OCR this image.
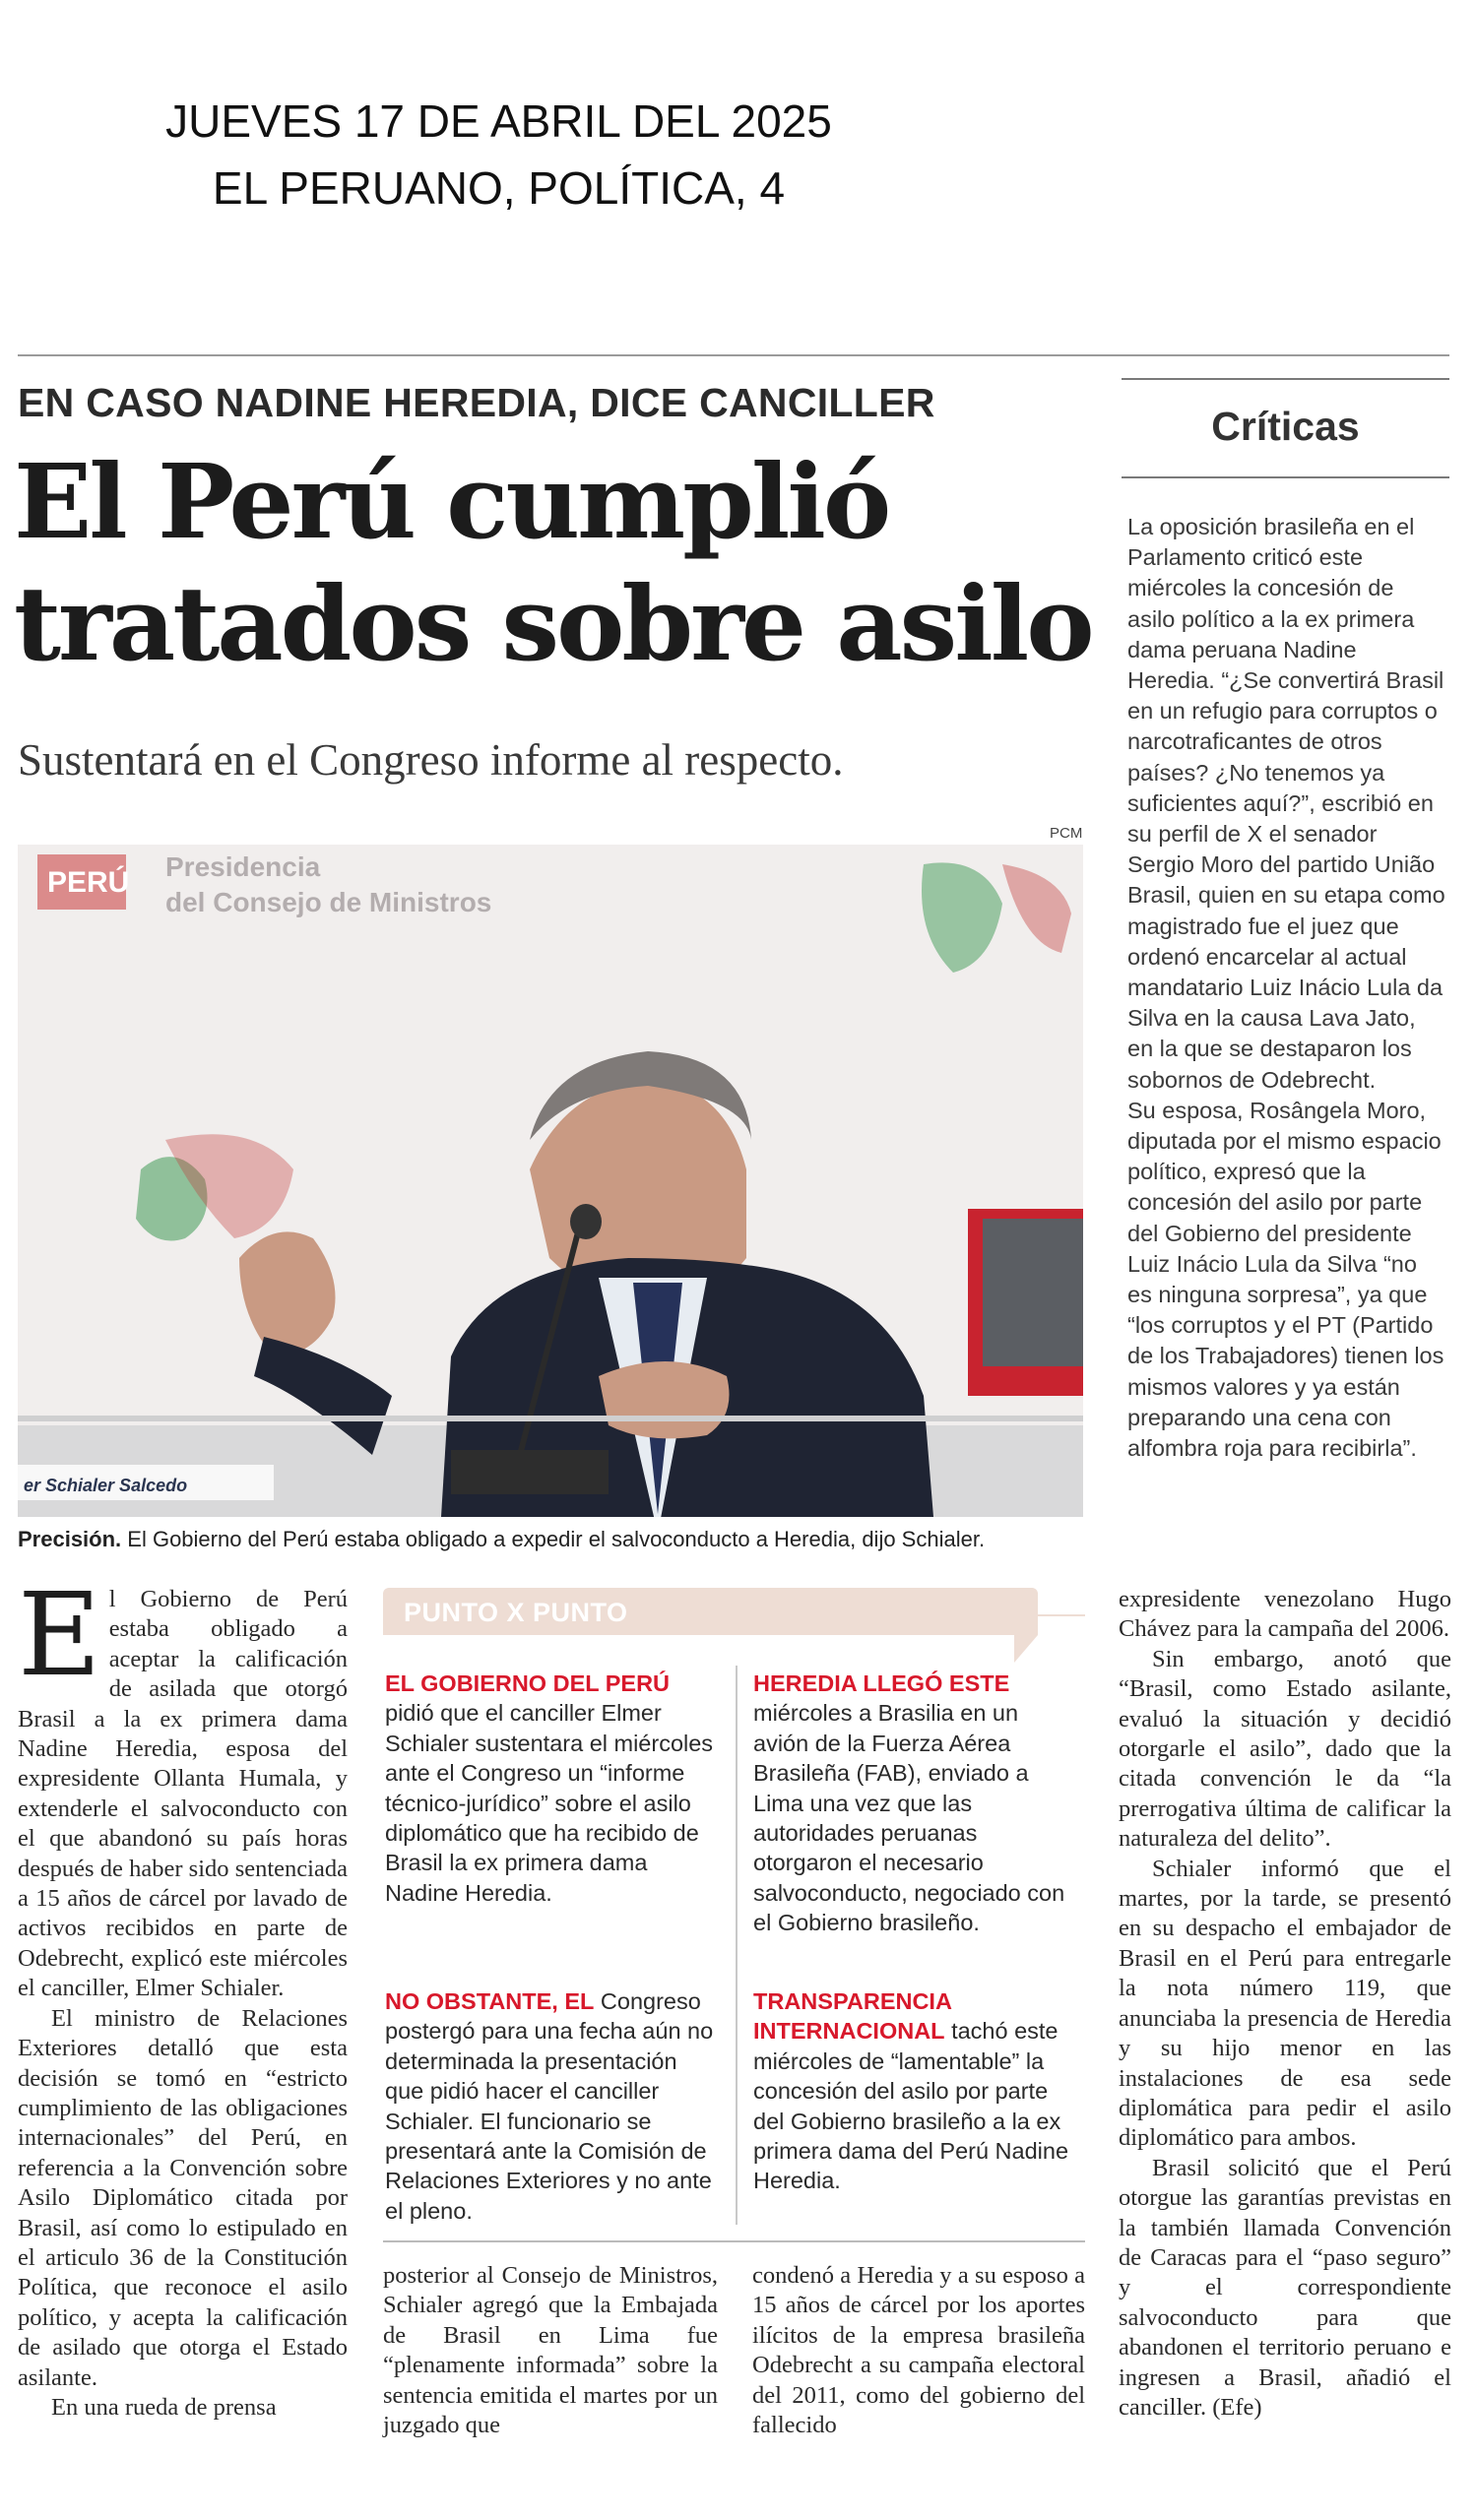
JUEVES 17 DE ABRIL DEL 2025
EL PERUANO, POLÍTICA, 4
EN CASO NADINE HEREDIA, DICE CANCILLER
El Perú cumplió tratados sobre asilo
Sustentará en el Congreso informe al respecto.
PCM
PERÚ Presidencia
del Consejo de Ministros
er Schialer Salcedo
Precisión. El Gobierno del Perú estaba obligado a expedir el salvoconducto a Heredia, dijo Schialer.
Críticas

La oposición brasileña en el Parlamento criticó este miércoles la concesión de asilo político a la ex primera dama peruana Nadine Heredia. “¿Se convertirá Brasil en un refugio para corruptos o narcotraficantes de otros países? ¿No tenemos ya suficientes aquí?”, escribió en su perfil de X el senador Sergio Moro del partido União Brasil, quien en su etapa como magistrado fue el juez que ordenó encarcelar al actual mandatario Luiz Inácio Lula da Silva en la causa Lava Jato, en la que se destaparon los sobornos de Odebrecht.

Su esposa, Rosângela Moro, diputada por el mismo espacio político, expresó que la concesión del asilo por parte del Gobierno del presidente Luiz Inácio Lula da Silva “no es ninguna sorpresa”, ya que “los corruptos y el PT (Partido de los Trabajadores) tienen los mismos valores y ya están preparando una cena con alfombra roja para recibirla”.

El Gobierno de Perú estaba obligado a aceptar la calificación de asilada que otorgó Brasil a la ex primera dama Nadine Heredia, esposa del expresidente Ollanta Humala, y extenderle el salvoconducto con el que abandonó su país horas después de haber sido sentenciada a 15 años de cárcel por lavado de activos recibidos en parte de Odebrecht, explicó este miércoles el canciller, Elmer Schialer.

El ministro de Relaciones Exteriores detalló que esta decisión se tomó en “estricto cumplimiento de las obligaciones internacionales” del Perú, en referencia a la Convención sobre Asilo Diplomático citada por Brasil, así como lo estipulado en el articulo 36 de la Constitución Política, que reconoce el asilo político, y acepta la calificación de asilado que otorga el Estado asilante.

En una rueda de prensa

PUNTO X PUNTO
EL GOBIERNO DEL PERÚ pidió que el canciller Elmer Schialer sustentara el miércoles ante el Congreso un “informe técnico-jurídico” sobre el asilo diplomático que ha recibido de Brasil la ex primera dama Nadine Heredia.
NO OBSTANTE, EL Congreso postergó para una fecha aún no determinada la presentación que pidió hacer el canciller Schialer. El funcionario se presentará ante la Comisión de Relaciones Exteriores y no ante el pleno.
HEREDIA LLEGÓ ESTE miércoles a Brasilia en un avión de la Fuerza Aérea Brasileña (FAB), enviado a Lima una vez que las autoridades peruanas otorgaron el necesario salvoconducto, negociado con el Gobierno brasileño.
TRANSPARENCIA INTERNACIONAL tachó este miércoles de “lamentable” la concesión del asilo por parte del Gobierno brasileño a la ex primera dama del Perú Nadine Heredia.

posterior al Consejo de Ministros, Schialer agregó que la Embajada de Brasil en Lima fue “plenamente informada” sobre la sentencia emitida el martes por un juzgado que

condenó a Heredia y a su esposo a 15 años de cárcel por los aportes ilícitos de la empresa brasileña Odebrecht a su campaña electoral del 2011, como del gobierno del fallecido

expresidente venezolano Hugo Chávez para la campaña del 2006.

Sin embargo, anotó que “Brasil, como Estado asilante, evaluó la situación y decidió otorgarle el asilo”, dado que la citada convención le da “la prerrogativa última de calificar la naturaleza del delito”.

Schialer informó que el martes, por la tarde, se presentó en su despacho el embajador de Brasil en el Perú para entregarle la nota número 119, que anunciaba la presencia de Heredia y su hijo menor en las instalaciones de esa sede diplomática para pedir el asilo diplomático para ambos.

Brasil solicitó que el Perú otorgue las garantías previstas en la también llamada Convención de Caracas para el “paso seguro” y el correspondiente salvoconducto para que abandonen el territorio peruano e ingresen a Brasil, añadió el canciller. (Efe)
